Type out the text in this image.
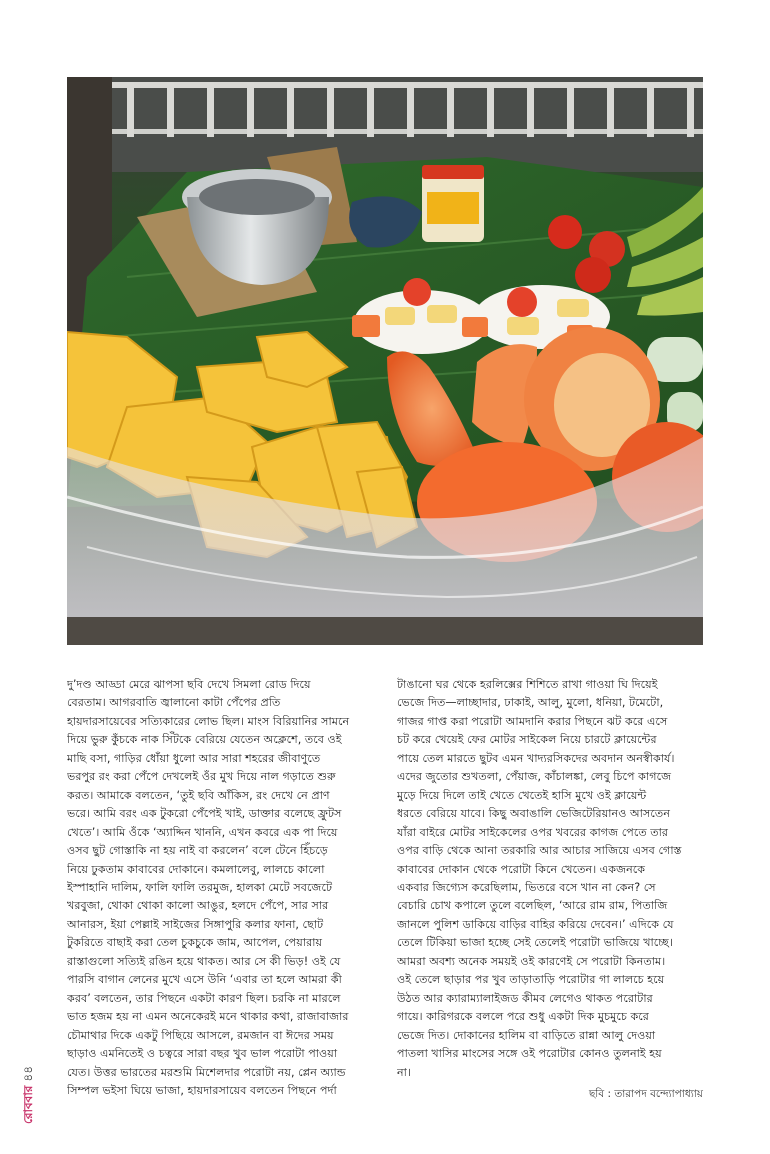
দু’দণ্ড আড্ডা মেরে ঝাপসা ছবি দেখে সিমলা রোড দিয়ে

বেরতাম। আগরবাতি জ্বালানো কাটা পেঁপের প্রতি

হায়দারসায়েবের সত্যিকারের লোভ ছিল। মাংস বিরিয়ানির সামনে

দিয়ে ভুরু কুঁচকে নাক সিঁটকে বেরিয়ে যেতেন অক্লেশে, তবে ওই

মাছি বসা, গাড়ির ধোঁয়া ধুলো আর সারা শহরের জীবাণুতে

ভরপুর রং করা পেঁপে দেখলেই ওঁর মুখ দিয়ে নাল গড়াতে শুরু

করত। আমাকে বলতেন, ‘তুই ছবি আঁকিস, রং দেখে নে প্রাণ

ভরে। আমি বরং এক টুকরো পেঁপেই খাই, ডাক্তার বলেছে ফ্রুটস

খেতে’। আমি ওঁকে ‘অ্যাদ্দিন খাননি, এখন কবরে এক পা দিয়ে

ওসব ছুট গোস্তাকি না হয় নাই বা করলেন’ বলে টেনে হিঁচড়ে

নিয়ে ঢুকতাম কাবাবের দোকানে। কমলালেবু, লালচে কালো

ইস্পাহানি দালিম, ফালি ফালি তরমুজ, হালকা মেটে সবজেটে

খরবুজা, থোকা থোকা কালো আঙুর, হলদে পেঁপে, সার সার

আনারস, ইয়া পেল্লাই সাইজের সিঙ্গাপুরি কলার ফানা, ছোট

টুকরিতে বাছাই করা তেল চুকচুকে জাম, আপেল, পেয়ারায়

রাস্তাগুলো সত্যিই রঙিন হয়ে থাকত। আর সে কী ভিড়! ওই যে

পারসি বাগান লেনের মুখে এসে উনি ‘এবার তা হলে আমরা কী

করব’ বলতেন, তার পিছনে একটা কারণ ছিল। চরকি না মারলে

ভাত হজম হয় না এমন অনেকেরই মনে থাকার কথা, রাজাবাজার

চৌমাথার দিকে একটু পিছিয়ে আসলে, রমজান বা ঈদের সময়

ছাড়াও এমনিতেই ও চত্বরে সারা বছর খুব ভাল পরোটা পাওয়া

যেত। উত্তর ভারতের মরশুমি মিশেলদার পরোটা নয়, প্লেন অ্যান্ড

সিম্পল ভইসা ঘিয়ে ভাজা, হায়দারসায়েব বলতেন পিছনে পর্দা

টাঙানো ঘর থেকে হরলিক্সের শিশিতে রাখা গাওয়া ঘি দিয়েই

ভেজে দিত—লাচ্ছাদার, ঢাকাই, আলু, মুলো, ধনিয়া, টমেটো,

গাজর গাপ্ত করা পরোটা আমদানি করার পিছনে ঝট করে এসে

চট করে খেয়েই ফের মোটর সাইকেল নিয়ে চারটে ক্লায়েন্টের

পায়ে তেল মারতে ছুটব এমন খাদ্যরসিকদের অবদান অনস্বীকার্য।

এদের জুতোর শুখতলা, পেঁয়াজ, কাঁচালঙ্কা, লেবু চিপে কাগজে

মুড়ে দিয়ে দিলে তাই খেতে খেতেই হাসি মুখে ওই ক্লায়েন্ট

ধরতে বেরিয়ে যাবে। কিছু অবাঙালি ভেজিটেরিয়ানও আসতেন

যাঁরা বাইরে মোটর সাইকেলের ওপর খবরের কাগজ পেতে তার

ওপর বাড়ি থেকে আনা তরকারি আর আচার সাজিয়ে এসব গোস্ত

কাবাবের দোকান থেকে পরোটা কিনে খেতেন। একজনকে

একবার জিগ্যেস করেছিলাম, ভিতরে বসে খান না কেন? সে

বেচারি চোখ কপালে তুলে বলেছিল, ‘আরে রাম রাম, পিতাজি

জানলে পুলিশ ডাকিয়ে বাড়ির বাহির করিয়ে দেবেন।’ এদিকে যে

তেলে টিকিয়া ভাজা হচ্ছে সেই তেলেই পরোটা ভাজিয়ে খাচ্ছে।

আমরা অবশ্য অনেক সময়ই ওই কারণেই সে পরোটা কিনতাম।

ওই তেলে ছাড়ার পর খুব তাড়াতাড়ি পরোটার গা লালচে হয়ে

উঠত আর ক্যারাম্যালাইজড কীমব লেগেও থাকত পরোটার

গায়ে। কারিগরকে বললে পরে শুধু একটা দিক মুচমুচে করে

ভেজে দিত। দোকানের হালিম বা বাড়িতে রান্না আলু দেওয়া

পাতলা খাসির মাংসের সঙ্গে ওই পরোটার কোনও তুলনাই হয়

না।

ছবি : তারাপদ বন্দ্যোপাধ্যায়
রোববার
৪৪
